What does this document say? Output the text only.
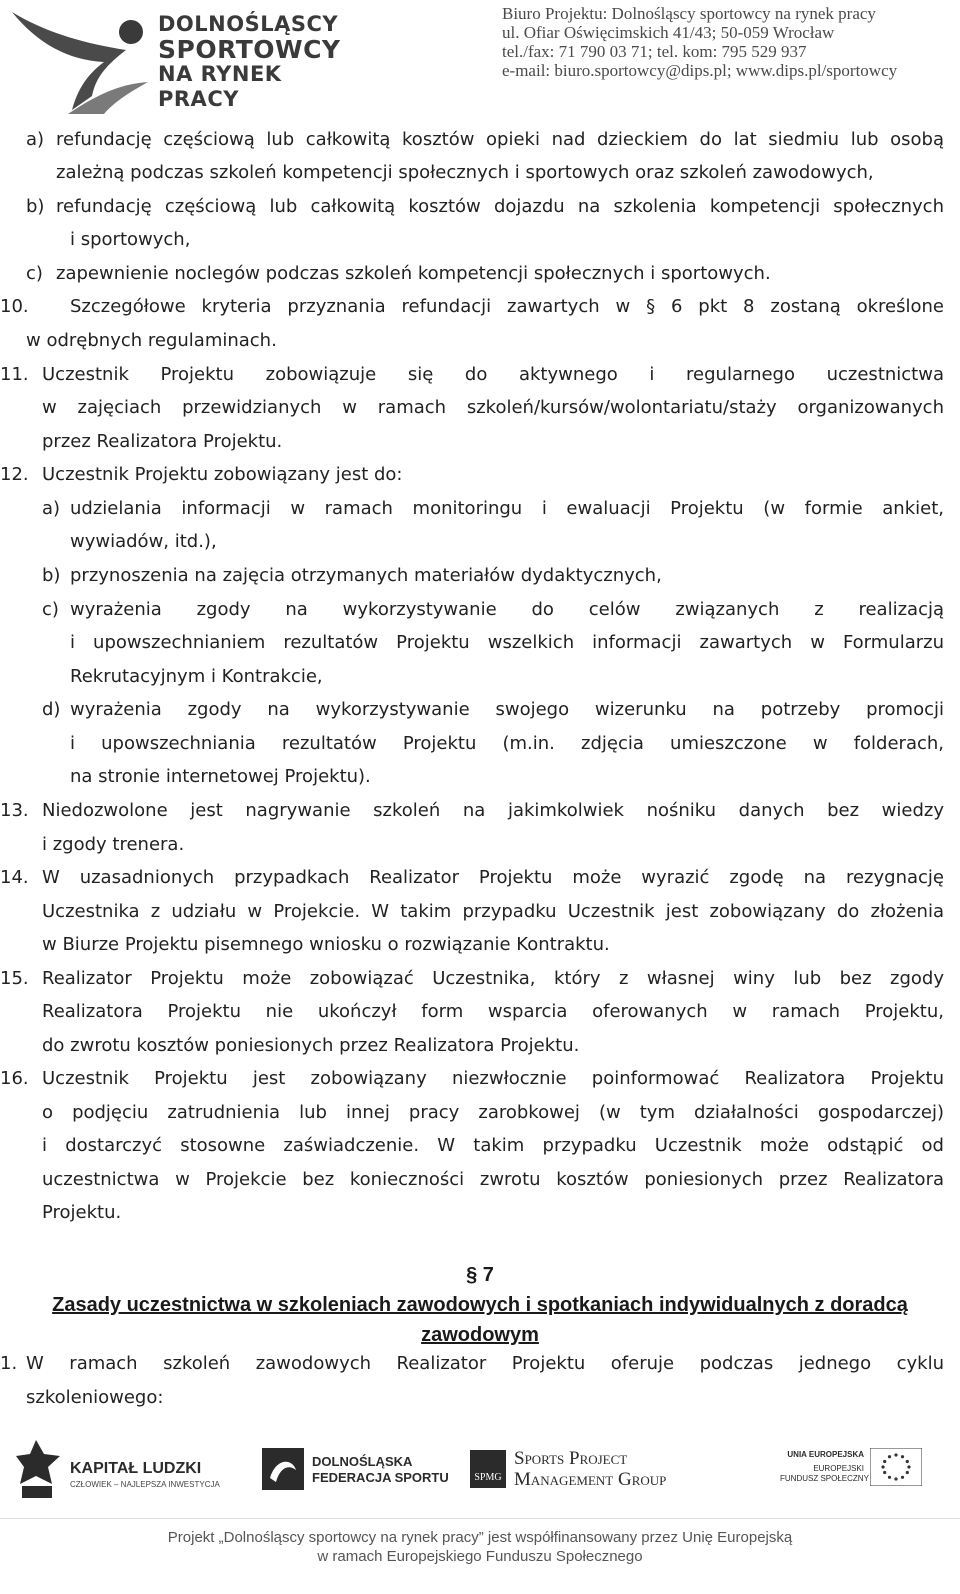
DOLNOŚLĄSCY
SPORTOWCY
NA RYNEK PRACY
Biuro Projektu: Dolnośląscy sportowcy na rynek pracy
ul. Ofiar Oświęcimskich 41/43; 50-059 Wrocław
tel./fax: 71 790 03 71; tel. kom: 795 529 937
e-mail: biuro.sportowcy@dips.pl; www.dips.pl/sportowcy
a) refundację częściową lub całkowitą kosztów opieki nad dzieckiem do lat siedmiu lub osobą
zależną podczas szkoleń kompetencji społecznych i sportowych oraz szkoleń zawodowych,
b) refundację częściową lub całkowitą kosztów dojazdu na szkolenia kompetencji społecznych
i sportowych,
c) zapewnienie noclegów podczas szkoleń kompetencji społecznych i sportowych.
10. Szczegółowe kryteria przyznania refundacji zawartych w § 6 pkt 8 zostaną określone
w odrębnych regulaminach.
11. Uczestnik Projektu zobowiązuje się do aktywnego i regularnego uczestnictwa
w zajęciach przewidzianych w ramach szkoleń/kursów/wolontariatu/staży organizowanych
przez Realizatora Projektu.
12. Uczestnik Projektu zobowiązany jest do:
a) udzielania informacji w ramach monitoringu i ewaluacji Projektu (w formie ankiet,
wywiadów, itd.),
b) przynoszenia na zajęcia otrzymanych materiałów dydaktycznych,
c) wyrażenia zgody na wykorzystywanie do celów związanych z realizacją
i upowszechnianiem rezultatów Projektu wszelkich informacji zawartych w Formularzu
Rekrutacyjnym i Kontrakcie,
d) wyrażenia zgody na wykorzystywanie swojego wizerunku na potrzeby promocji
i upowszechniania rezultatów Projektu (m.in. zdjęcia umieszczone w folderach,
na stronie internetowej Projektu).
13. Niedozwolone jest nagrywanie szkoleń na jakimkolwiek nośniku danych bez wiedzy
i zgody trenera.
14. W uzasadnionych przypadkach Realizator Projektu może wyrazić zgodę na rezygnację
Uczestnika z udziału w Projekcie. W takim przypadku Uczestnik jest zobowiązany do złożenia
w Biurze Projektu pisemnego wniosku o rozwiązanie Kontraktu.
15. Realizator Projektu może zobowiązać Uczestnika, który z własnej winy lub bez zgody
Realizatora Projektu nie ukończył form wsparcia oferowanych w ramach Projektu,
do zwrotu kosztów poniesionych przez Realizatora Projektu.
16. Uczestnik Projektu jest zobowiązany niezwłocznie poinformować Realizatora Projektu
o podjęciu zatrudnienia lub innej pracy zarobkowej (w tym działalności gospodarczej)
i dostarczyć stosowne zaświadczenie. W takim przypadku Uczestnik może odstąpić od
uczestnictwa w Projekcie bez konieczności zwrotu kosztów poniesionych przez Realizatora
Projektu.
1. W ramach szkoleń zawodowych Realizator Projektu oferuje podczas jednego cyklu
szkoleniowego:
§ 7
Zasady uczestnictwa w szkoleniach zawodowych i spotkaniach indywidualnych z doradcą zawodowym
KAPITAŁ LUDZKI
CZŁOWIEK – NAJLEPSZA INWESTYCJA
DOLNOŚLĄSKA
FEDERACJA SPORTU	SPMG
Sports Project
Management Group
UNIA EUROPEJSKA
EUROPEJSKI
FUNDUSZ SPOŁECZNY
Projekt „Dolnośląscy sportowcy na rynek pracy” jest współfinansowany przez Unię Europejską
w ramach Europejskiego Funduszu Społecznego
